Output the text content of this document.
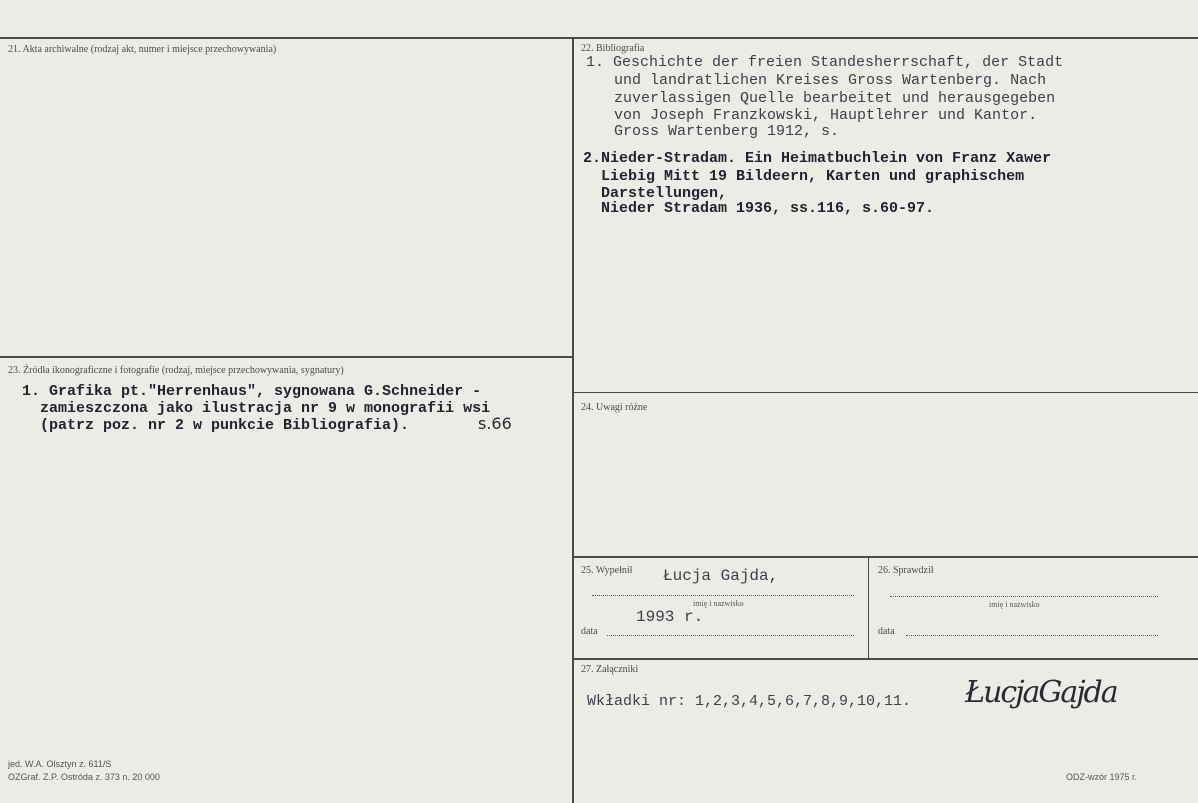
21. Akta archiwalne (rodzaj akt, numer i miejsce przechowywania)	22. Bibliografia
1. Geschichte der freien Standesherrschaft, der Stadt
und landratlichen Kreises Gross Wartenberg. Nach
zuverlassigen Quelle bearbeitet und herausgegeben
von Joseph Franzkowski, Hauptlehrer und Kantor.
Gross Wartenberg 1912, s.
2.Nieder-Stradam. Ein Heimatbuchlein von Franz Xawer
Liebig Mitt 19 Bildeern, Karten und graphischem
Darstellungen,
Nieder Stradam 1936, ss.116, s.60-97.
23. Źródła ikonograficzne i fotografie (rodzaj, miejsce przechowywania, sygnatury)
1. Grafika pt."Herrenhaus", sygnowana G.Schneider -
zamieszczona jako ilustracja nr 9 w monografii wsi
(patrz poz. nr 2 w punkcie Bibliografia).	s.66
24. Uwagi różne
25. Wypełnił Łucja Gajda,
imię i nazwisko
1993 r.
data
26. Sprawdził
imię i nazwisko
data
27. Załączniki
Wkładki nr: 1,2,3,4,5,6,7,8,9,10,11. ŁucjaGajda
jed. W.A. Olsztyn z. 611/S
OZGraf. Z.P. Ostróda z. 373 n. 20 000	ODZ-wzór 1975 r.
